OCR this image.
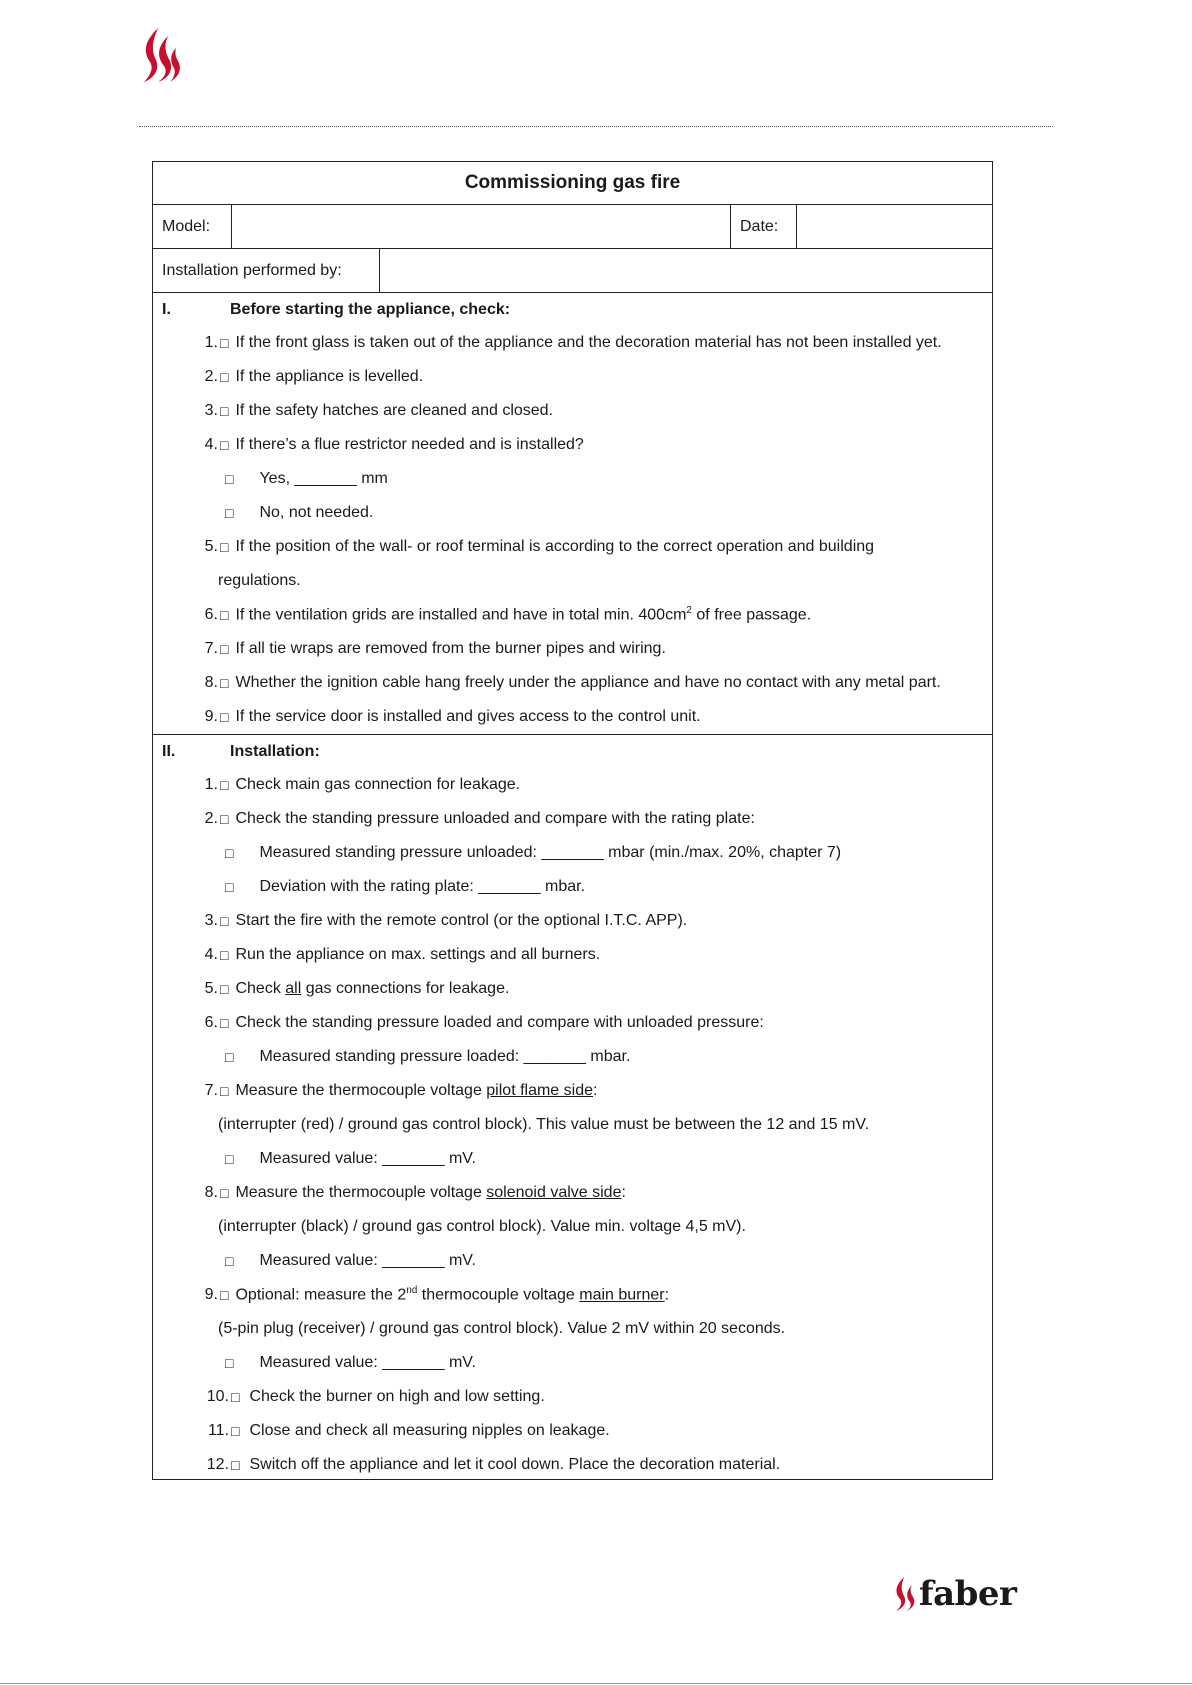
Commissioning gas fire
Model:	Date:
Installation performed by:
I.	Before starting the appliance, check:
1. □ If the front glass is taken out of the appliance and the decoration material has not been installed yet.
2. □ If the appliance is levelled.
3. □ If the safety hatches are cleaned and closed.
4. □ If there’s a flue restrictor needed and is installed?
□ Yes, _______ mm
□ No, not needed.
5. □ If the position of the wall- or roof terminal is according to the correct operation and building
regulations.
6. □ If the ventilation grids are installed and have in total min. $400cm^2$ of free passage.
7. □ If all tie wraps are removed from the burner pipes and wiring.
8. □ Whether the ignition cable hang freely under the appliance and have no contact with any metal part.
9. □ If the service door is installed and gives access to the control unit.
II.	Installation:
1. □ Check main gas connection for leakage.
2. □ Check the standing pressure unloaded and compare with the rating plate:
□ Measured standing pressure unloaded: _______ mbar (min./max. 20%, chapter 7)
□ Deviation with the rating plate: _______ mbar.
3. □ Start the fire with the remote control (or the optional I.T.C. APP).
4. □ Run the appliance on max. settings and all burners.
5. □ Check all gas connections for leakage.
6. □ Check the standing pressure loaded and compare with unloaded pressure:
□ Measured standing pressure loaded: _______ mbar.
7. □ Measure the thermocouple voltage pilot flame side:
(interrupter (red) / ground gas control block). This value must be between the 12 and 15 mV.
□ Measured value: _______ mV.
8. □ Measure the thermocouple voltage solenoid valve side:
(interrupter (black) / ground gas control block). Value min. voltage 4,5 mV).
□ Measured value: _______ mV.
9. □ Optional: measure the 2nd thermocouple voltage main burner:
(5-pin plug (receiver) / ground gas control block). Value 2 mV within 20 seconds.
□ Measured value: _______ mV.
10. □ Check the burner on high and low setting.
11. □ Close and check all measuring nipples on leakage.
12. □ Switch off the appliance and let it cool down. Place the decoration material.
faber
